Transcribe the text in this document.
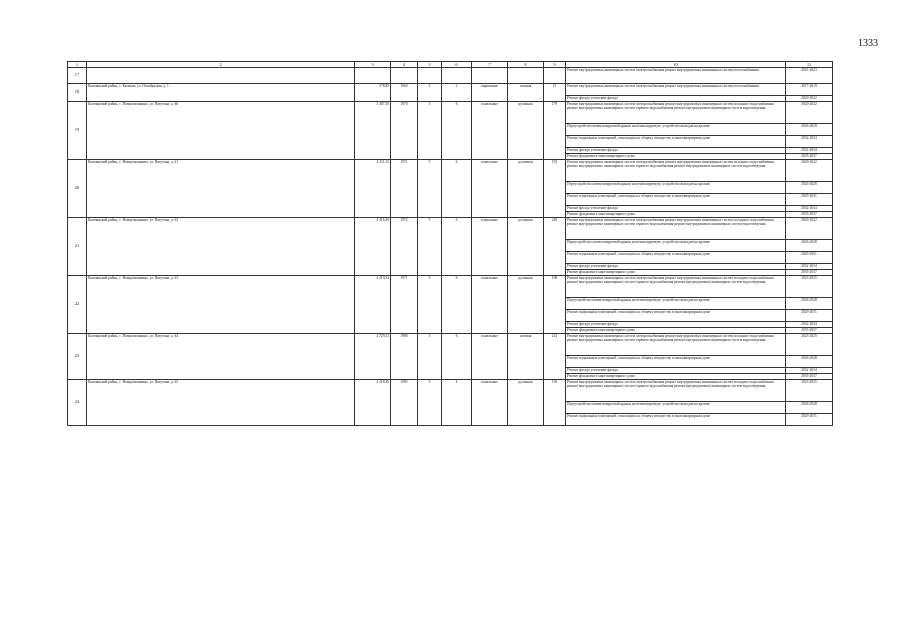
1333
1	2	3	4	5	6	7	8	9	10	11
17									Ремонт внутридомовых инженерных систем электроснабжения ремонт внутридомовых инженерных систем теплоснабжения	2021-2023
18	Кытманский район, с. Катмыш, ул. Октябрьская, д. 1	378,80	1960	2	2	кирпичные	скатная	15	Ремонт внутридомовых инженерных систем электроснабжения ремонт внутридомовых инженерных систем теплоснабжения	2017-2019
									Ремонт фасада утепление фасада	2020-2022
19	Кытманский район, с. Новоромашкино, ул. Ватутина, д. 60	3 487,50	1970	5	6	панельные	рулонная	179	Ремонт внутридомовых инженерных систем электроснабжения ремонт внутридомовых инженерных систем холодного водоснабжения ремонт внутридомовых инженерных систем горячего водоснабжения ремонт внутридомовых инженерных систем водоотведения	2020-2022
									Переустройство невентилируемой крыши на вентилируемую, устройство выходов на кровлю	2026-2029
									Ремонт подвальных помещений, относящихся к общему имуществу в многоквартирном доме	2032-2034
									Ремонт фасада утепление фасада	2032-2034
									Ремонт фундамента многоквартирного дома	2035-2037
20	Кытманский район, с. Новоромашкино, ул. Ватутина, д. 61	4 311,32	1971	5	6	панельные	рулонная	193	Ремонт внутридомовых инженерных систем электроснабжения ремонт внутридомовых инженерных систем холодного водоснабжения ремонт внутридомовых инженерных систем горячего водоснабжения ремонт внутридомовых инженерных систем водоотведения	2020-2022
									Переустройство невентилируемой крыши на вентилируемую, устройство выходов на кровлю	2026-2028
									Ремонт подвальных помещений, относящихся к общему имуществу в многоквартирном доме	2029-2031
									Ремонт фасада утепление фасада	2032-2034
									Ремонт фундамента многоквартирного дома	2035-2037
21	Кытманский район, с. Новоромашкино, ул. Ватутина, д. 62	4 416,50	1972	5	6	панельные	рулонная	240	Ремонт внутридомовых инженерных систем электроснабжения ремонт внутридомовых инженерных систем холодного водоснабжения ремонт внутридомовых инженерных систем горячего водоснабжения ремонт внутридомовых инженерных систем водоотведения	2020-2022
									Переустройство невентилируемой крыши на вентилируемую, устройство выходов на кровлю	2026-2028
									Ремонт подвальных помещений, относящихся к общему имуществу в многоквартирном доме	2029-2031
									Ремонт фасада утепление фасада	2032-2034
									Ремонт фундамента многоквартирного дома	2035-2037
22	Кытманский район, с. Новоромашкино, ул. Ватутина, д. 63	4 419,52	1971	5	6	панельные	рулонная	190	Ремонт внутридомовых инженерных систем электроснабжения ремонт внутридомовых инженерных систем холодного водоснабжения ремонт внутридомовых инженерных систем горячего водоснабжения ремонт внутридомовых инженерных систем водоотведения	2023-2025
									Переустройство невентилируемой крыши на вентилируемую, устройство выходов на кровлю	2026-2028
									Ремонт подвальных помещений, относящихся к общему имуществу в многоквартирном доме	2029-2031
									Ремонт фасада утепление фасада	2032-2034
									Ремонт фундамента многоквартирного дома	2035-2037
23	Кытманский район, с. Новоромашкино, ул. Ватутина, д. 64	4 729,53	1980	5	6	панельные	скатная	214	Ремонт внутридомовых инженерных систем электроснабжения ремонт внутридомовых инженерных систем холодного водоснабжения ремонт внутридомовых инженерных систем горячего водоснабжения ремонт внутридомовых инженерных систем водоотведения	2023-2025
									Ремонт подвальных помещений, относящихся к общему имуществу в многоквартирном доме	2026-2028
									Ремонт фасада утепление фасада	2032-2034
									Ремонт фундамента многоквартирного дома	2035-2037
24	Кытманский район, с. Новоромашкино, ул. Ватутина, д. 65	4 418,36	1983	5	4	панельные	рулонная	150	Ремонт внутридомовых инженерных систем электроснабжения ремонт внутридомовых инженерных систем холодного водоснабжения ремонт внутридомовых инженерных систем горячего водоснабжения ремонт внутридомовых инженерных систем водоотведения	2023-2025
									Переустройство невентилируемой крыши на вентилируемую, устройство выходов на кровлю	2026-2028
									Ремонт подвальных помещений, относящихся к общему имуществу в многоквартирном доме	2029-2031
